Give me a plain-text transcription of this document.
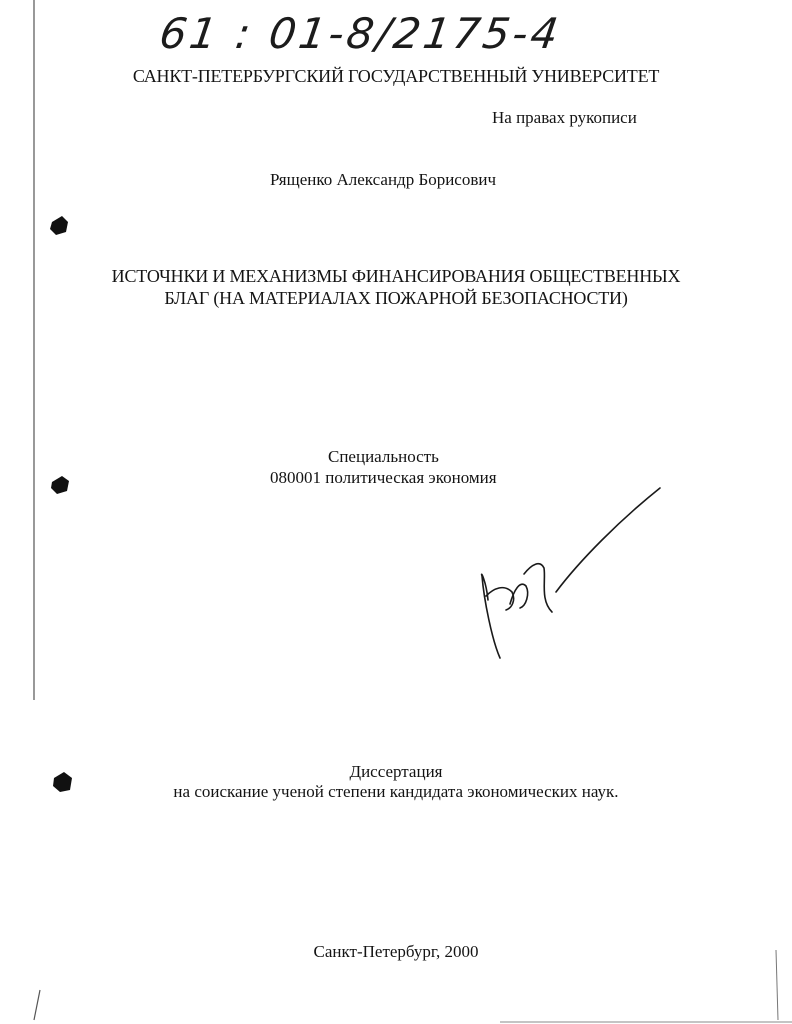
61 : 01-8/2175-4
САНКТ-ПЕТЕРБУРГСКИЙ ГОСУДАРСТВЕННЫЙ УНИВЕРСИТЕТ
На правах рукописи
Рященко Александр Борисович
ИСТОЧНКИ И МЕХАНИЗМЫ ФИНАНСИРОВАНИЯ ОБЩЕСТВЕННЫХ
БЛАГ (НА МАТЕРИАЛАХ ПОЖАРНОЙ БЕЗОПАСНОСТИ)
Специальность
080001 политическая экономия
Диссертация
на соискание ученой степени кандидата экономических наук.
Санкт-Петербург, 2000
